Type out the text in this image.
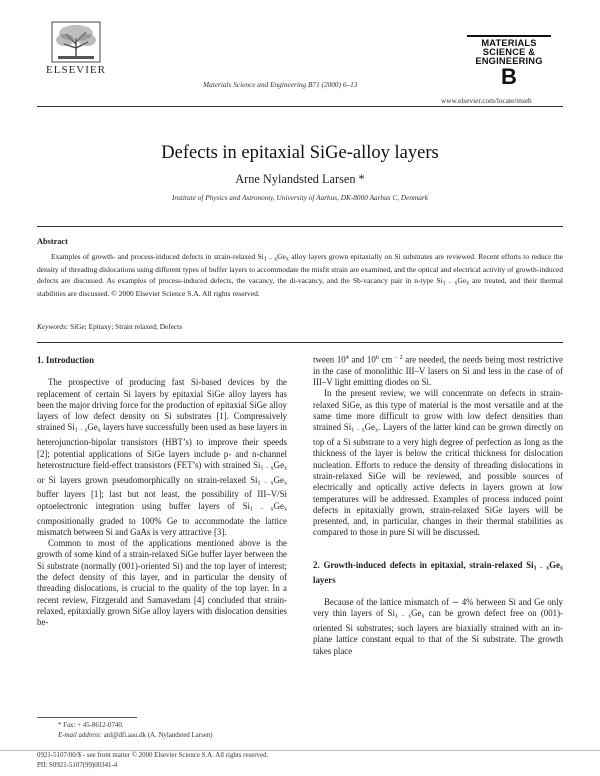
ELSEVIER
Materials Science and Engineering B71 (2000) 6–13
MATERIALS
SCIENCE &
ENGINEERING
B
www.elsevier.com/locate/mseb
Defects in epitaxial SiGe-alloy layers
Arne Nylandsted Larsen *
Institute of Physics and Astronomy, University of Aarhus, DK-8000 Aarhus C, Denmark
Abstract
Examples of growth- and process-induced defects in strain-relaxed $Si_{1 - x}Ge_x$ alloy layers grown epitaxially on Si substrates are reviewed. Recent efforts to reduce the density of threading dislocations using different types of buffer layers to accommodate the misfit strain are examined, and the optical and electrical activity of growth-induced defects are discussed. As examples of process-induced defects, the vacancy, the di-vacancy, and the Sb-vacancy pair in n-type $Si_{1 - x}Ge_x$ are treated, and their thermal stabilities are discussed. © 2000 Elsevier Science S.A. All rights reserved.
Keywords: SiGe; Epitaxy; Strain relaxed; Defects
1. Introduction

The prospective of producing fast Si-based devices by the replacement of certain Si layers by epitaxial SiGe alloy layers has been the major driving force for the production of epitaxial SiGe alloy layers of low defect density on Si substrates [1]. Compressively strained $Si_{1 - x}Ge_x$ layers have successfully been used as base layers in heterojunction-bipolar transistors (HBT’s) to improve their speeds [2]; potential applications of SiGe layers include p- and n-channel heterostructure field-effect transistors (FET’s) with strained $Si_{1 - x}Ge_x$ or Si layers grown pseudomorphically on strain-relaxed $Si_{1 - x}Ge_x$ buffer layers [1]; last but not least, the possibility of III–V/Si optoelectronic integration using buffer layers of $Si_{1 - x}Ge_x$ compositionally graded to 100% Ge to accommodate the lattice mismatch between Si and GaAs is very attractive [3].

Common to most of the applications mentioned above is the growth of some kind of a strain-relaxed SiGe buffer layer between the Si substrate (normally (001)-oriented Si) and the top layer of interest; the defect density of this layer, and in particular the density of threading dislocations, is crucial to the quality of the top layer. In a recent review, Fitzgerald and Samavedam [4] concluded that strain-relaxed, epitaxially grown SiGe alloy layers with dislocation densities be-

tween $10^4$ and $10^6$ cm $^{- 2}$ are needed, the needs being most restrictive in the case of monolithic III–V lasers on Si and less in the case of of III–V light emitting diodes on Si.

In the present review, we will concentrate on defects in strain-relaxed SiGe, as this type of material is the most versatile and at the same time more difficult to grow with low defect densities than strained $Si_{1 - x}Ge_x$. Layers of the latter kind can be grown directly on top of a Si substrate to a very high degree of perfection as long as the thickness of the layer is below the critical thickness for dislocation nucleation. Efforts to reduce the density of threading dislocations in strain-relaxed SiGe will be reviewed, and possible sources of electrically and optically active defects in layers grown at low temperatures will be addressed. Examples of process induced point defects in epitaxially grown, strain-relaxed SiGe layers will be presented, and, in particular, changes in their thermal stabilities as compared to those in pure Si will be discussed.

2. Growth-induced defects in epitaxial, strain-relaxed $Si_{1 - x}Ge_x$ layers

Because of the lattice mismatch of ∼ 4% between Si and Ge only very thin layers of $Si_{1 - x}Ge_x$ can be grown defect free on (001)-oriented Si substrates; such layers are biaxially strained with an in-plane lattice constant equal to that of the Si substrate. The growth takes place

* Fax: + 45-8612-0740.
E-mail address: anl@dfi.aau.dk (A. Nylandsted Larsen)
0921-5107/00/$ - see front matter © 2000 Elsevier Science S.A. All rights reserved.
PII: S0921-5107(99)00341-4
